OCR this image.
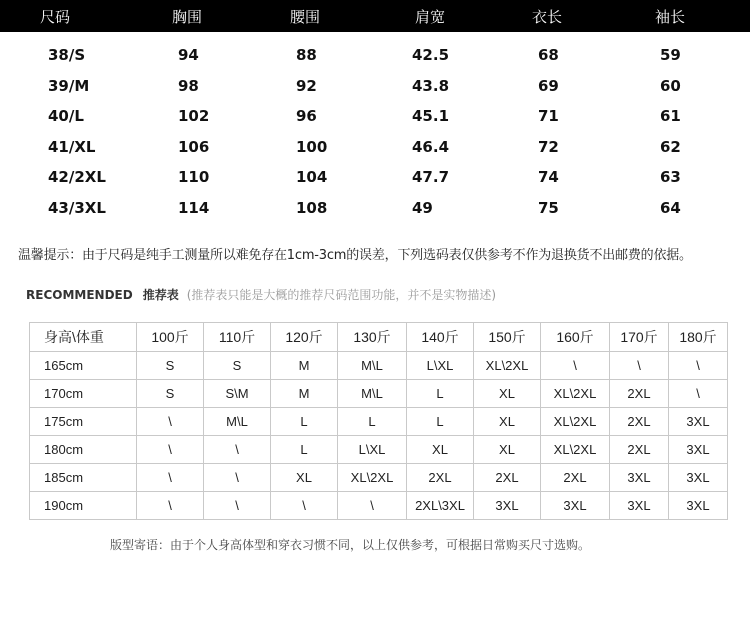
尺码	胸围	腰围	肩宽	衣长	袖长
38/S	94	88	42.5	68	59
39/M	98	92	43.8	69	60
40/L	102	96	45.1	71	61
41/XL	106	100	46.4	72	62
42/2XL	110	104	47.7	74	63
43/3XL	114	108	49	75	64
温馨提示：由于尺码是纯手工测量所以难免存在1cm-3cm的误差，下列选码表仅供参考不作为退换货不出邮费的依据。
RECOMMENDED 推荐表 (推荐表只能是大概的推荐尺码范围功能，并不是实物描述)
身高\体重	100斤	110斤	120斤	130斤	140斤	150斤	160斤	170斤	180斤
165cm	S	S	M	M\L	L\XL	XL\2XL	\	\	\
170cm	S	S\M	M	M\L	L	XL	XL\2XL	2XL	\
175cm	\	M\L	L	L	L	XL	XL\2XL	2XL	3XL
180cm	\	\	L	L\XL	XL	XL	XL\2XL	2XL	3XL
185cm	\	\	XL	XL\2XL	2XL	2XL	2XL	3XL	3XL
190cm	\	\	\	\	2XL\3XL	3XL	3XL	3XL	3XL
版型寄语：由于个人身高体型和穿衣习惯不同，以上仅供参考，可根据日常购买尺寸选购。
